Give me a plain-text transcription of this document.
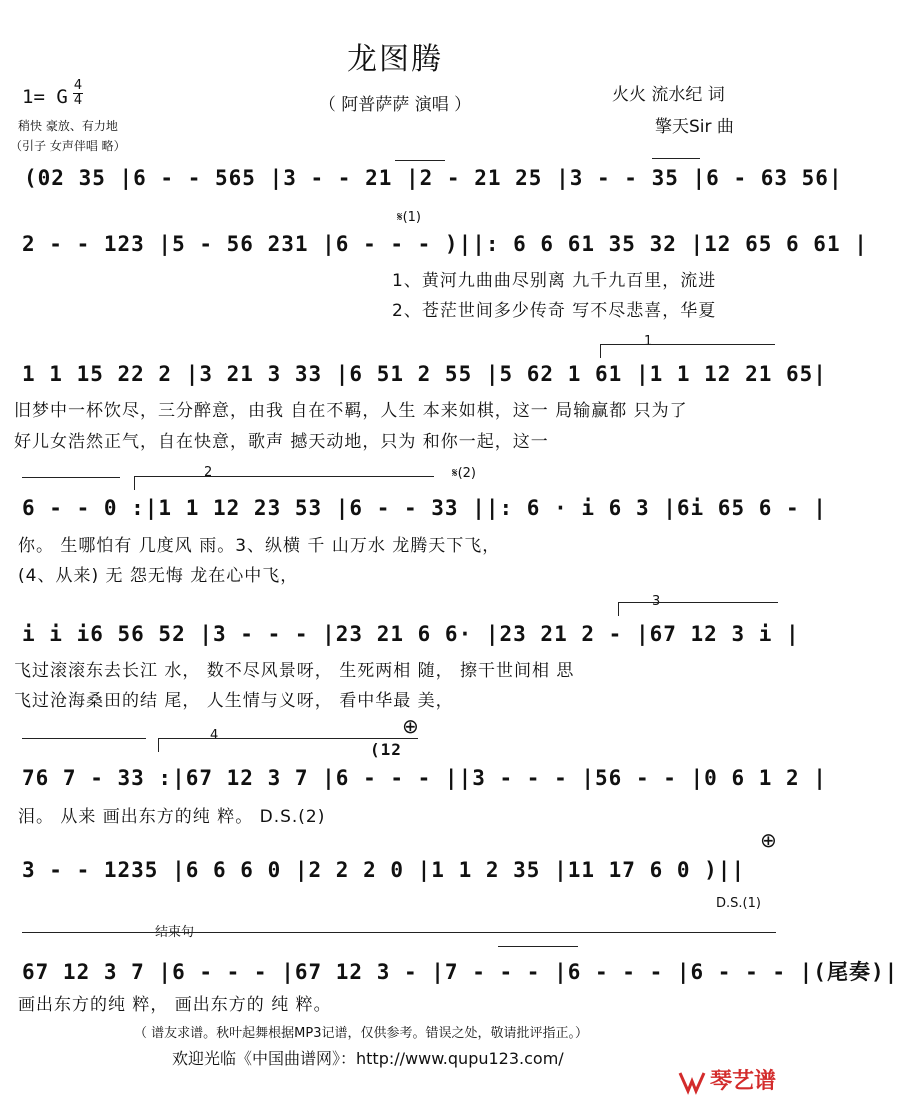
龙图腾
（ 阿普萨萨 演唱 ）
1= G
4
4
稍快 豪放、有力地
（引子 女声伴唱 略）
火火 流水纪 词
擎天Sir 曲
(02 35 |6 - - 565 |3 - - 21 |2 - 21 25 |3 - - 35 |6 - 63 56|
𝄋(1)
2 - - 123 |5 - 56 231 |6 - - - )||: 6 6 61 35 32 |12 65 6 61 |
1、黄河九曲曲尽别离 九千九百里，流进
2、苍茫世间多少传奇 写不尽悲喜，华夏
1
1 1 15 22 2 |3 21 3 33 |6 51 2 55 |5 62 1 61 |1 1 12 21 65|
旧梦中一杯饮尽，三分醉意，由我 自在不羁，人生 本来如棋，这一 局输赢都 只为了
好儿女浩然正气，自在快意，歌声 撼天动地，只为 和你一起，这一
2	𝄋(2)
6 - - 0 :|1 1 12 23 53 |6 - - 33 ||: 6 · i 6 3 |6i 65 6 - |
你。 生哪怕有 几度风 雨。3、纵横 千 山万水 龙腾天下飞，
(4、从来) 无 怨无悔 龙在心中飞，
3
i i i6 56 52 |3 - - - |23 21 6 6· |23 21 2 - |67 12 3 i |
飞过滚滚东去长江 水， 数不尽风景呀， 生死两相 随， 擦干世间相 思
飞过沧海桑田的结 尾， 人生情与义呀， 看中华最 美，
4	⊕
(12
76 7 - 33 :|67 12 3 7 |6 - - - ||3 - - - |56 - - |0 6 1 2 |
泪。 从来 画出东方的纯 粹。 D.S.(2)
⊕
3 - - 1235 |6 6 6 0 |2 2 2 0 |1 1 2 35 |11 17 6 0 )||
D.S.(1)
结束句
67 12 3 7 |6 - - - |67 12 3 - |7 - - - |6 - - - |6 - - - |(尾奏)|
画出东方的纯 粹， 画出东方的 纯 粹。
（ 谱友求谱。秋叶起舞根据MP3记谱，仅供参考。错误之处，敬请批评指正。）
欢迎光临《中国曲谱网》：http://www.qupu123.com/
琴艺谱
